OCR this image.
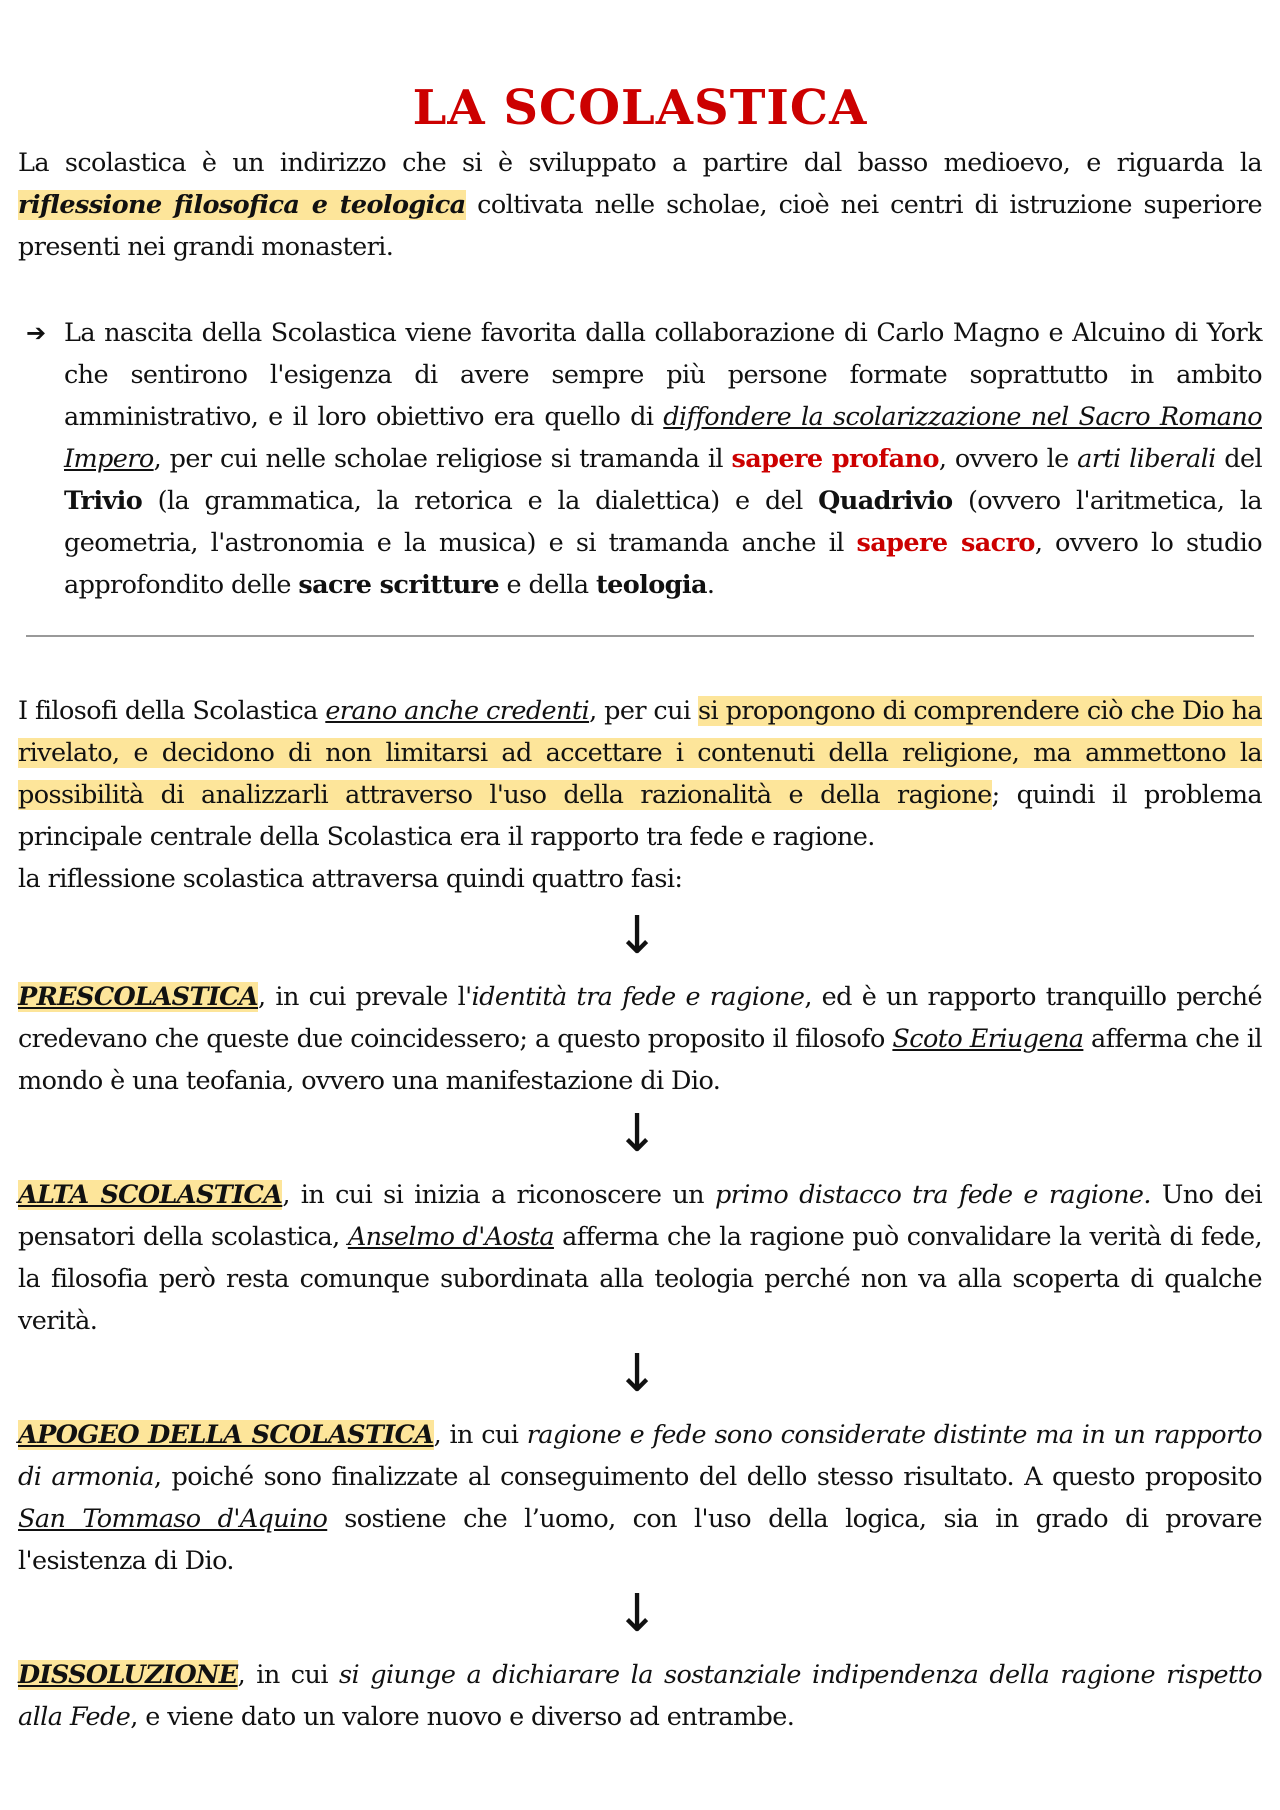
LA SCOLASTICA
La scolastica è un indirizzo che si è sviluppato a partire dal basso medioevo, e riguarda la riflessione filosofica e teologica coltivata nelle scholae, cioè nei centri di istruzione superiore presenti nei grandi monasteri.
➔ La nascita della Scolastica viene favorita dalla collaborazione di Carlo Magno e Alcuino di York che sentirono l'esigenza di avere sempre più persone formate soprattutto in ambito amministrativo, e il loro obiettivo era quello di diffondere la scolarizzazione nel Sacro Romano Impero, per cui nelle scholae religiose si tramanda il sapere profano, ovvero le arti liberali del Trivio (la grammatica, la retorica e la dialettica) e del Quadrivio (ovvero l'aritmetica, la geometria, l'astronomia e la musica) e si tramanda anche il sapere sacro, ovvero lo studio approfondito delle sacre scritture e della teologia.
I filosofi della Scolastica erano anche credenti, per cui si propongono di comprendere ciò che Dio ha rivelato, e decidono di non limitarsi ad accettare i contenuti della religione, ma ammettono la possibilità di analizzarli attraverso l'uso della razionalità e della ragione; quindi il problema principale centrale della Scolastica era il rapporto tra fede e ragione.
la riflessione scolastica attraversa quindi quattro fasi:
↓
PRESCOLASTICA, in cui prevale l'identità tra fede e ragione, ed è un rapporto tranquillo perché credevano che queste due coincidessero; a questo proposito il filosofo Scoto Eriugena afferma che il mondo è una teofania, ovvero una manifestazione di Dio.
↓
ALTA SCOLASTICA, in cui si inizia a riconoscere un primo distacco tra fede e ragione. Uno dei pensatori della scolastica, Anselmo d'Aosta afferma che la ragione può convalidare la verità di fede, la filosofia però resta comunque subordinata alla teologia perché non va alla scoperta di qualche verità.
↓
APOGEO DELLA SCOLASTICA, in cui ragione e fede sono considerate distinte ma in un rapporto di armonia, poiché sono finalizzate al conseguimento del dello stesso risultato. A questo proposito San Tommaso d'Aquino sostiene che l’uomo, con l'uso della logica, sia in grado di provare l'esistenza di Dio.
↓
DISSOLUZIONE, in cui si giunge a dichiarare la sostanziale indipendenza della ragione rispetto alla Fede, e viene dato un valore nuovo e diverso ad entrambe.
